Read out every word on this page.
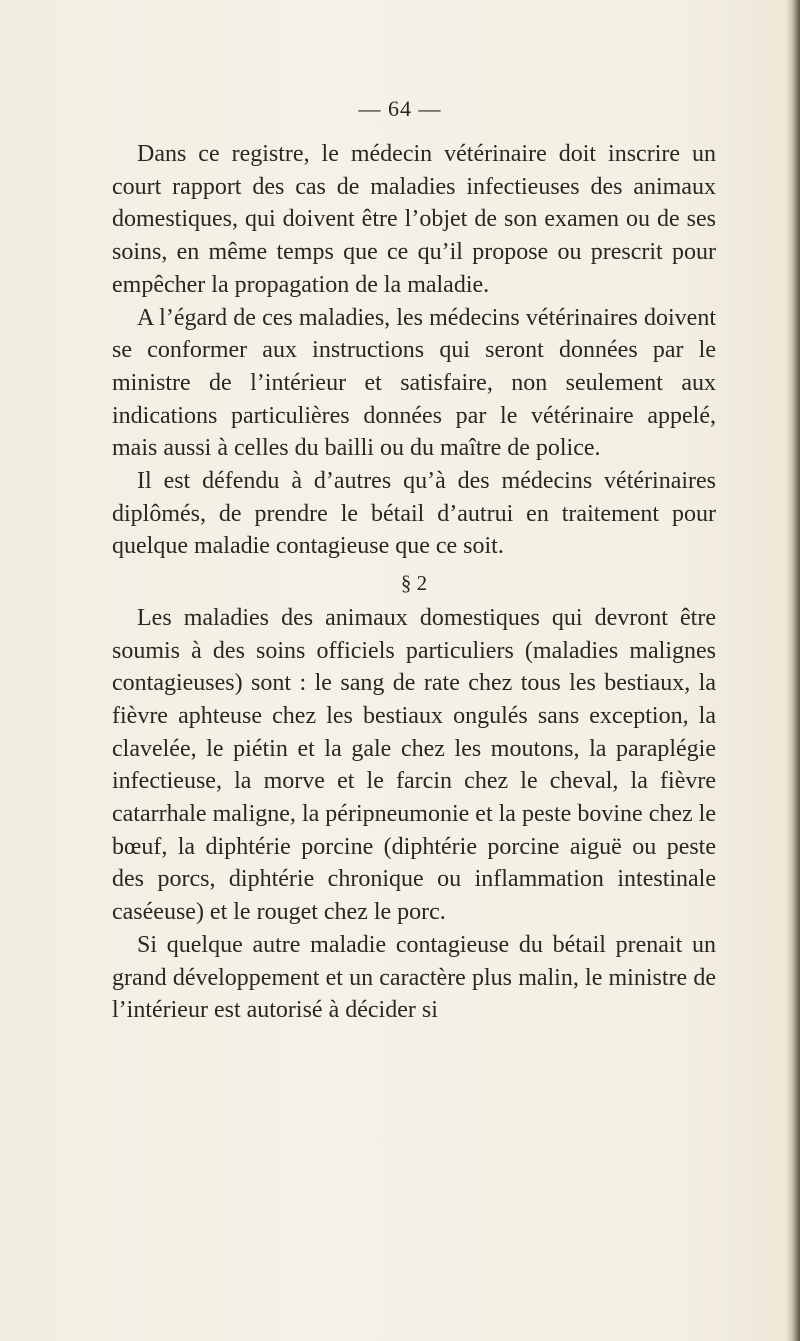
— 64 —

Dans ce registre, le médecin vétérinaire doit inscrire un court rapport des cas de maladies infectieuses des animaux domestiques, qui doivent être l’objet de son examen ou de ses soins, en même temps que ce qu’il propose ou prescrit pour empêcher la propagation de la maladie.

A l’égard de ces maladies, les médecins vétérinaires doivent se conformer aux instructions qui seront données par le ministre de l’intérieur et satisfaire, non seulement aux indications particulières données par le vétérinaire appelé, mais aussi à celles du bailli ou du maître de police.

Il est défendu à d’autres qu’à des médecins vétérinaires diplômés, de prendre le bétail d’autrui en traitement pour quelque maladie contagieuse que ce soit.

§ 2

Les maladies des animaux domestiques qui devront être soumis à des soins officiels particuliers (maladies malignes contagieuses) sont : le sang de rate chez tous les bestiaux, la fièvre aphteuse chez les bestiaux ongulés sans exception, la clavelée, le piétin et la gale chez les moutons, la paraplégie infectieuse, la morve et le farcin chez le cheval, la fièvre catarrhale maligne, la péripneumonie et la peste bovine chez le bœuf, la diphtérie porcine (diphtérie porcine aiguë ou peste des porcs, diphtérie chronique ou inflammation intestinale caséeuse) et le rouget chez le porc.

Si quelque autre maladie contagieuse du bétail prenait un grand développement et un caractère plus malin, le ministre de l’intérieur est autorisé à décider si
